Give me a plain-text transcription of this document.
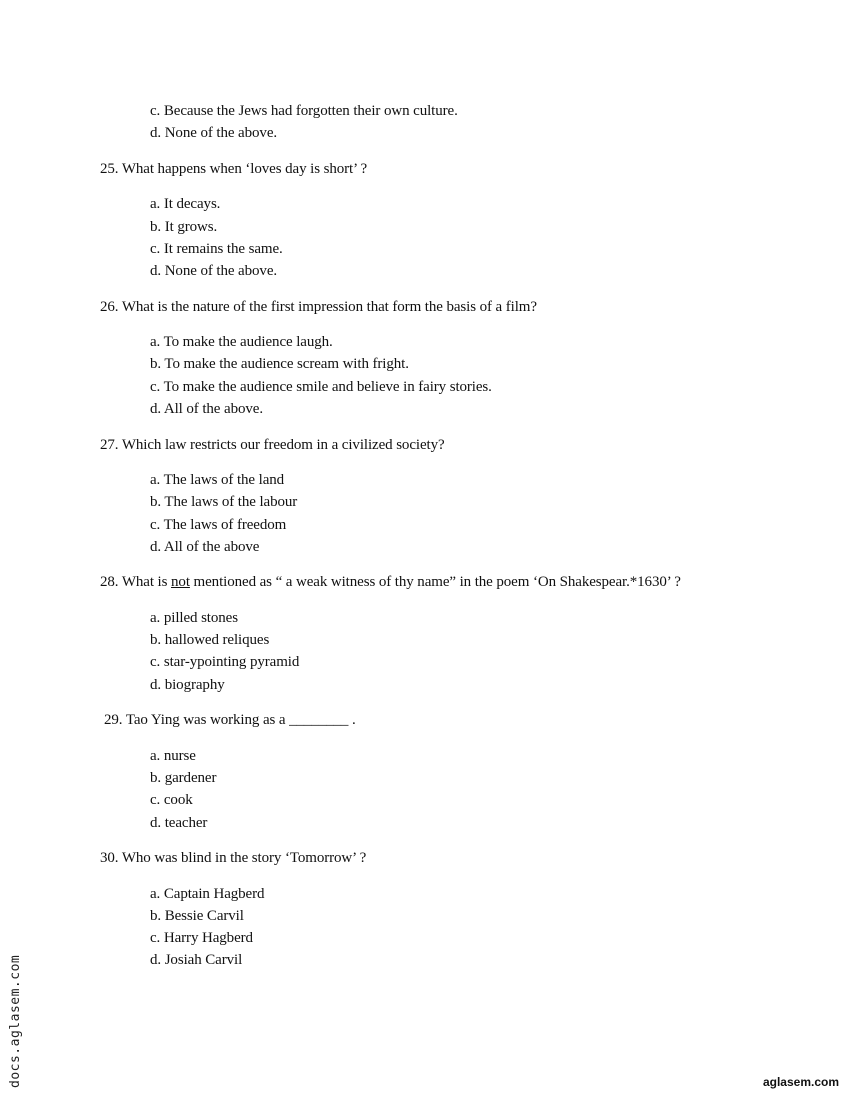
c. Because the Jews had forgotten their own culture.
d. None of the above.
25. What happens when ‘loves day is short’ ?
a. It decays.
b. It grows.
c. It remains the same.
d. None of the above.
26. What is the nature of the first impression that form the basis of a film?
a. To make the audience laugh.
b. To make the audience scream with fright.
c. To make the audience smile and believe in fairy stories.
d. All of the above.
27. Which law restricts our freedom in a civilized society?
a. The laws of the land
b. The laws of the labour
c. The laws of freedom
d. All of the above
28. What is not mentioned as “ a weak witness of thy name” in the poem ‘On Shakespear.*1630’ ?
a. pilled stones
b. hallowed reliques
c. star-ypointing pyramid
d. biography
29. Tao Ying was working as a ________ .
a. nurse
b. gardener
c. cook
d. teacher
30. Who was blind in the story ‘Tomorrow’ ?
a. Captain Hagberd
b. Bessie Carvil
c. Harry Hagberd
d. Josiah Carvil
docs.aglasem.com	aglasem.com
